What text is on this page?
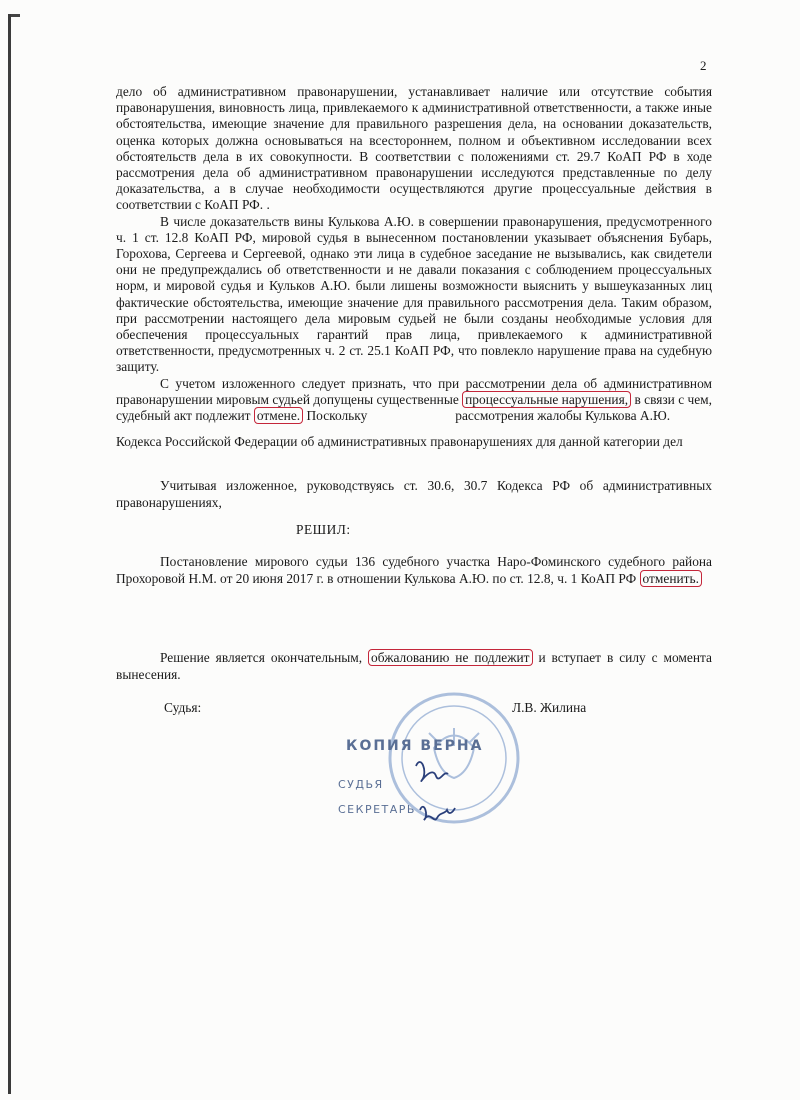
2

дело об административном правонарушении, устанавливает наличие или отсутствие события правонарушения, виновность лица, привлекаемого к административной ответственности, а также иные обстоятельства, имеющие значение для правильного разрешения дела, на основании доказательств, оценка которых должна основываться на всестороннем, полном и объективном исследовании всех обстоятельств дела в их совокупности. В соответствии с положениями ст. 29.7 КоАП РФ в ходе рассмотрения дела об административном правонарушении исследуются представленные по делу доказательства, а в случае необходимости осуществляются другие процессуальные действия в соответствии с КоАП РФ. .

В числе доказательств вины Кулькова А.Ю. в совершении правонарушения, предусмотренного ч. 1 ст. 12.8 КоАП РФ, мировой судья в вынесенном постановлении указывает объяснения Бубарь, Горохова, Сергеева и Сергеевой, однако эти лица в судебное заседание не вызывались, как свидетели они не предупреждались об ответственности и не давали показания с соблюдением процессуальных норм, и мировой судья и Кульков А.Ю. были лишены возможности выяснить у вышеуказанных лиц фактические обстоятельства, имеющие значение для правильного рассмотрения дела. Таким образом, при рассмотрении настоящего дела мировым судьей не были созданы необходимые условия для обеспечения процессуальных гарантий прав лица, привлекаемого к административной ответственности, предусмотренных ч. 2 ст. 25.1 КоАП РФ, что повлекло нарушение права на судебную защиту.

С учетом изложенного следует признать, что при рассмотрении дела об административном правонарушении мировым судьей допущены существенные процессуальные нарушения, в связи с чем, судебный акт подлежит отмене. Поскольку	рассмотрения жалобы Кулькова А.Ю.

Кодекса Российской Федерации об административных правонарушениях для данной категории дел
Учитывая изложенное, руководствуясь ст. 30.6, 30.7 Кодекса РФ об административных правонарушениях,
РЕШИЛ:
Постановление мирового судьи 136 судебного участка Наро-Фоминского судебного района Прохоровой Н.М. от 20 июня 2017 г. в отношении Кулькова А.Ю. по ст. 12.8, ч. 1 КоАП РФ отменить.
Решение является окончательным, обжалованию не подлежит и вступает в силу с момента вынесения.
Судья:	Л.В. Жилина
КОПИЯ ВЕРНА
СУДЬЯ
СЕКРЕТАРЬ
